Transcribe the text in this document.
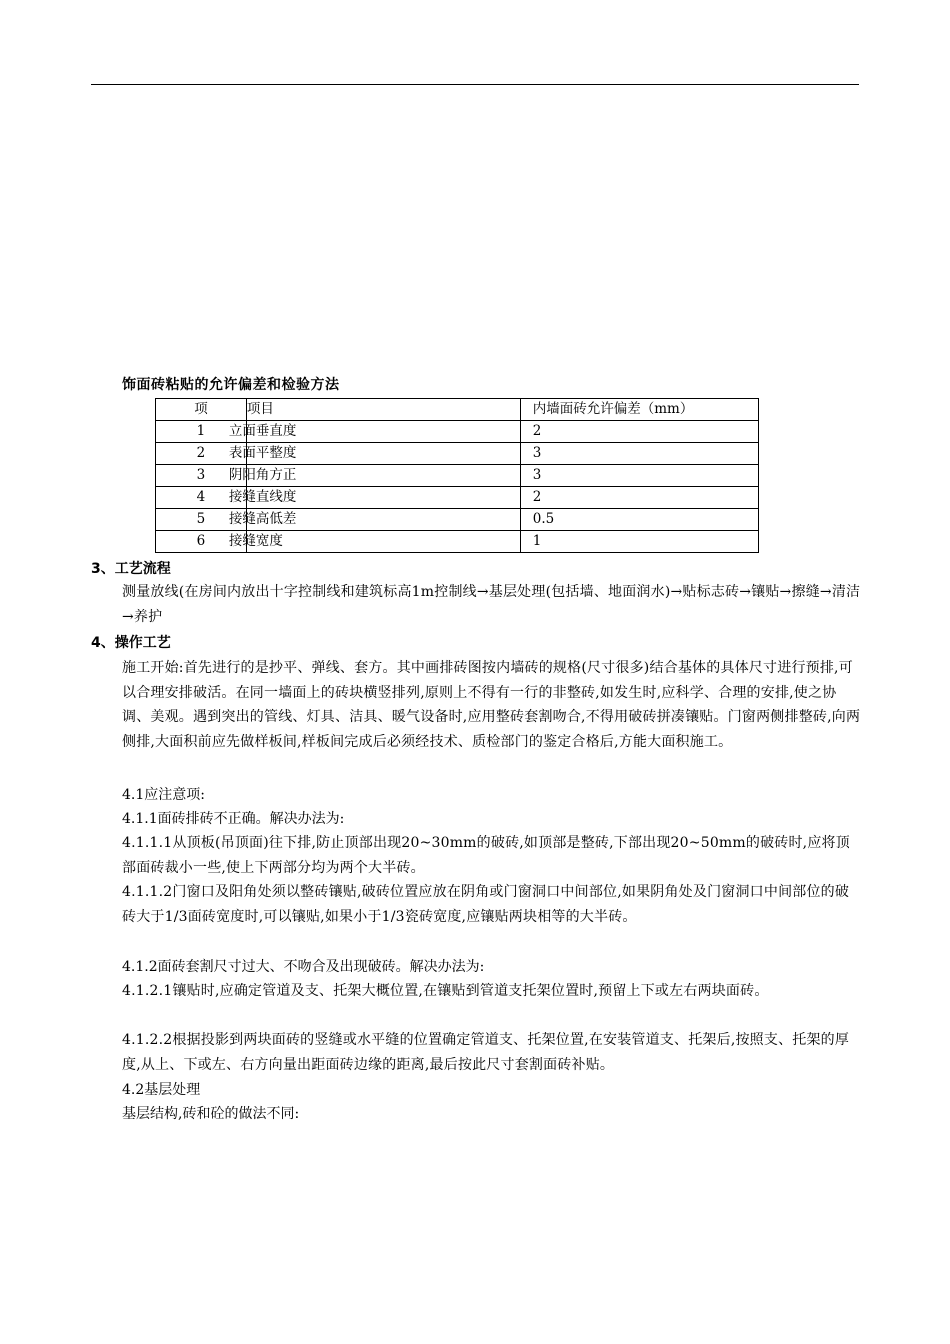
饰面砖粘贴的允许偏差和检验方法
项	项目	内墙面砖允许偏差（mm）
1	立面垂直度	2
2	表面平整度	3
3	阴阳角方正	3
4	接缝直线度	2
5	接缝高低差	0.5
6	接缝宽度	1
3、工艺流程
测量放线(在房间内放出十字控制线和建筑标高1m控制线→基层处理(包括墙、地面润水)→贴标志砖→镶贴→擦缝→清洁→养护
4、操作工艺
施工开始:首先进行的是抄平、弹线、套方。其中画排砖图按内墙砖的规格(尺寸很多)结合基体的具体尺寸进行预排,可以合理安排破活。在同一墙面上的砖块横竖排列,原则上不得有一行的非整砖,如发生时,应科学、合理的安排,使之协调、美观。遇到突出的管线、灯具、洁具、暖气设备时,应用整砖套割吻合,不得用破砖拼凑镶贴。门窗两侧排整砖,向两侧排,大面积前应先做样板间,样板间完成后必须经技术、质检部门的鉴定合格后,方能大面积施工。
4.1应注意项:
4.1.1面砖排砖不正确。解决办法为:
4.1.1.1从顶板(吊顶面)往下排,防止顶部出现20~30mm的破砖,如顶部是整砖,下部出现20~50mm的破砖时,应将顶部面砖裁小一些,使上下两部分均为两个大半砖。
4.1.1.2门窗口及阳角处须以整砖镶贴,破砖位置应放在阴角或门窗洞口中间部位,如果阴角处及门窗洞口中间部位的破砖大于1/3面砖宽度时,可以镶贴,如果小于1/3瓷砖宽度,应镶贴两块相等的大半砖。
4.1.2面砖套割尺寸过大、不吻合及出现破砖。解决办法为:
4.1.2.1镶贴时,应确定管道及支、托架大概位置,在镶贴到管道支托架位置时,预留上下或左右两块面砖。
4.1.2.2根据投影到两块面砖的竖缝或水平缝的位置确定管道支、托架位置,在安装管道支、托架后,按照支、托架的厚度,从上、下或左、右方向量出距面砖边缘的距离,最后按此尺寸套割面砖补贴。
4.2基层处理
基层结构,砖和砼的做法不同:
